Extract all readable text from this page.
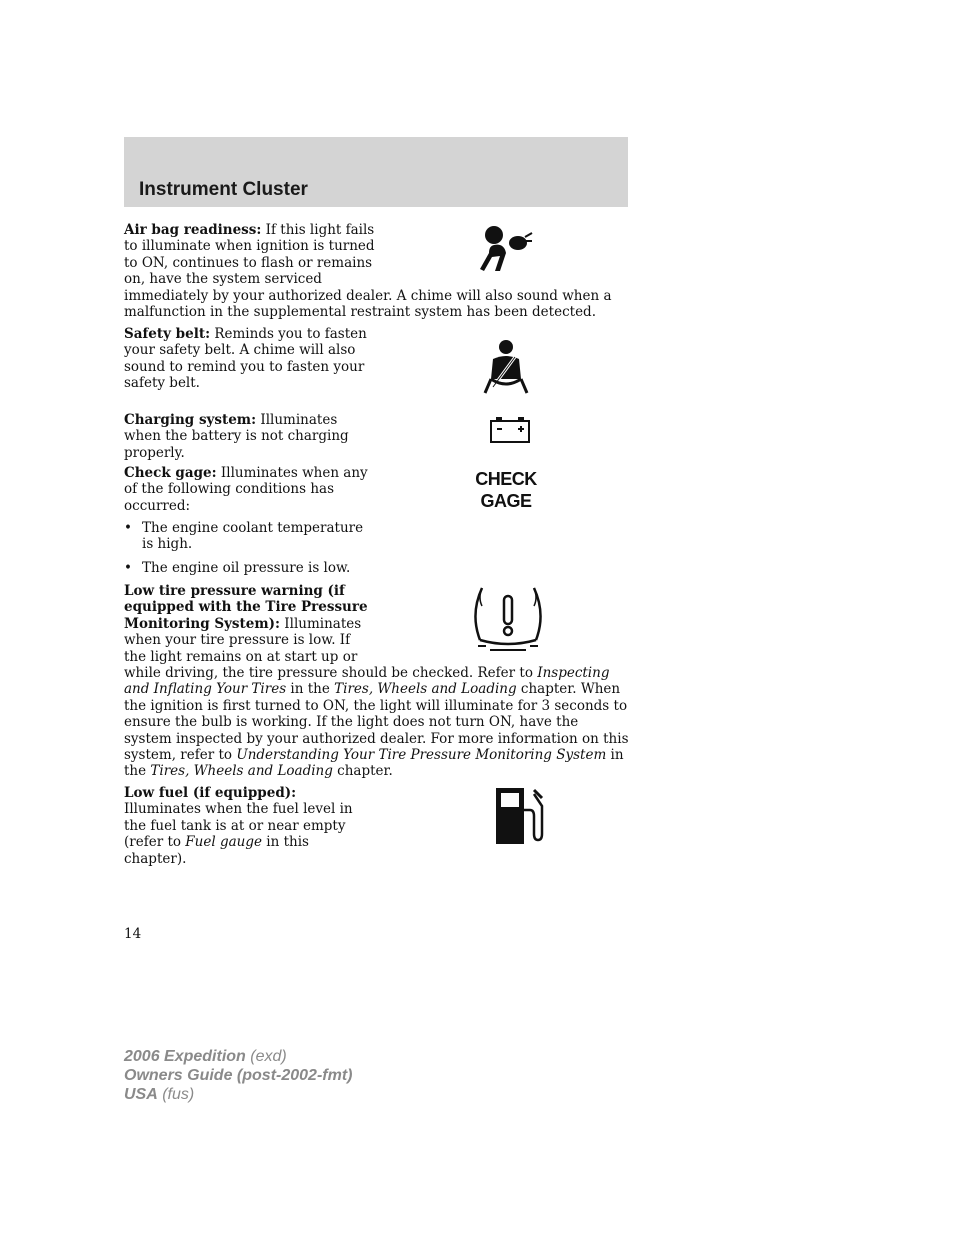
Instrument Cluster

Air bag readiness: If this light fails to illuminate when ignition is turned to ON, continues to flash or remains on, have the system serviced

immediately by your authorized dealer. A chime will also sound when a malfunction in the supplemental restraint system has been detected.

Safety belt: Reminds you to fasten your safety belt. A chime will also sound to remind you to fasten your safety belt.

Charging system: Illuminates when the battery is not charging properly.

Check gage: Illuminates when any of the following conditions has occurred:

• The engine coolant temperature is high.
• The engine oil pressure is low.
CHECK
GAGE

Low tire pressure warning (if
equipped with the Tire Pressure
Monitoring System): Illuminates
when your tire pressure is low. If
the light remains on at start up or

while driving, the tire pressure should be checked. Refer to Inspecting and Inflating Your Tires in the Tires, Wheels and Loading chapter. When the ignition is first turned to ON, the light will illuminate for 3 seconds to ensure the bulb is working. If the light does not turn ON, have the system inspected by your authorized dealer. For more information on this system, refer to Understanding Your Tire Pressure Monitoring System in the Tires, Wheels and Loading chapter.

Low fuel (if equipped):
Illuminates when the fuel level in the fuel tank is at or near empty (refer to Fuel gauge in this chapter).

14

2006 Expedition (exd)
Owners Guide (post-2002-fmt)
USA (fus)
